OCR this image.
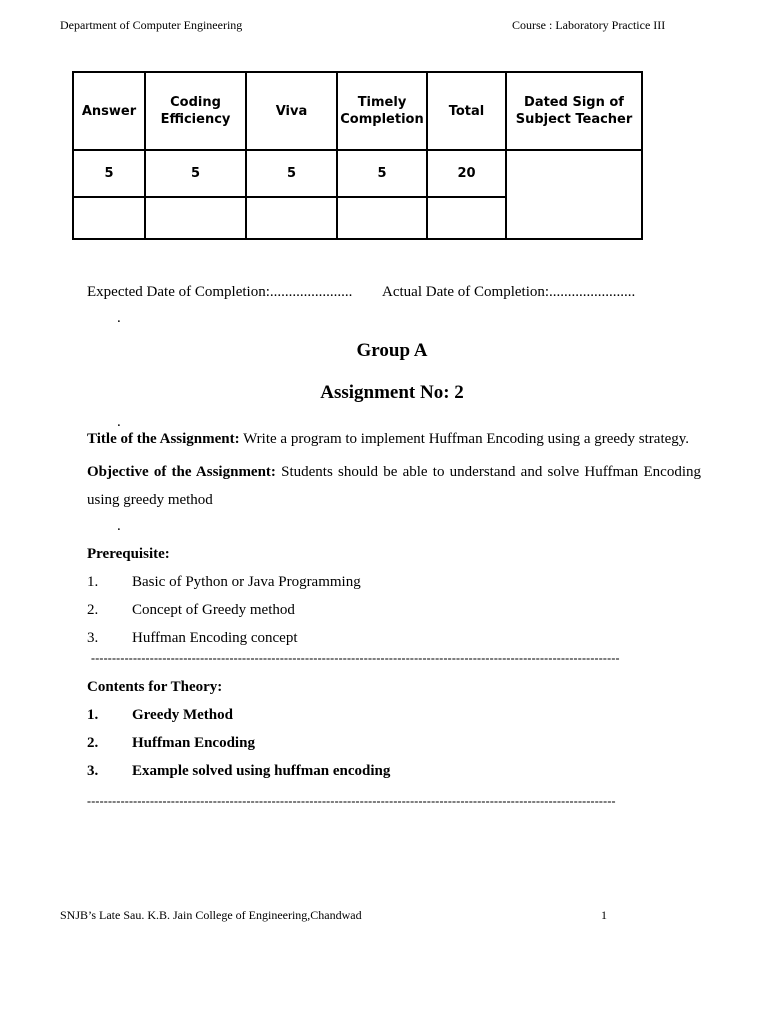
Department of Computer Engineering	Course : Laboratory Practice III
Answer	Coding Efficiency	Viva	Timely Completion	Total	Dated Sign of Subject Teacher
5	5	5	5	20	

Expected Date of Completion:...................... Actual Date of Completion:.......................
.
Group A
Assignment No: 2
.
Title of the Assignment: Write a program to implement Huffman Encoding using a greedy strategy.
Objective of the Assignment: Students should be able to understand and solve Huffman Encoding
using greedy method
.
Prerequisite:
1. Basic of Python or Java Programming
2. Concept of Greedy method
3. Huffman Encoding concept
------------------------------------------------------------------------------------------------------------------------------
Contents for Theory:
1. Greedy Method
2. Huffman Encoding
3. Example solved using huffman encoding
------------------------------------------------------------------------------------------------------------------------------
SNJB’s Late Sau. K.B. Jain College of Engineering,Chandwad	1
